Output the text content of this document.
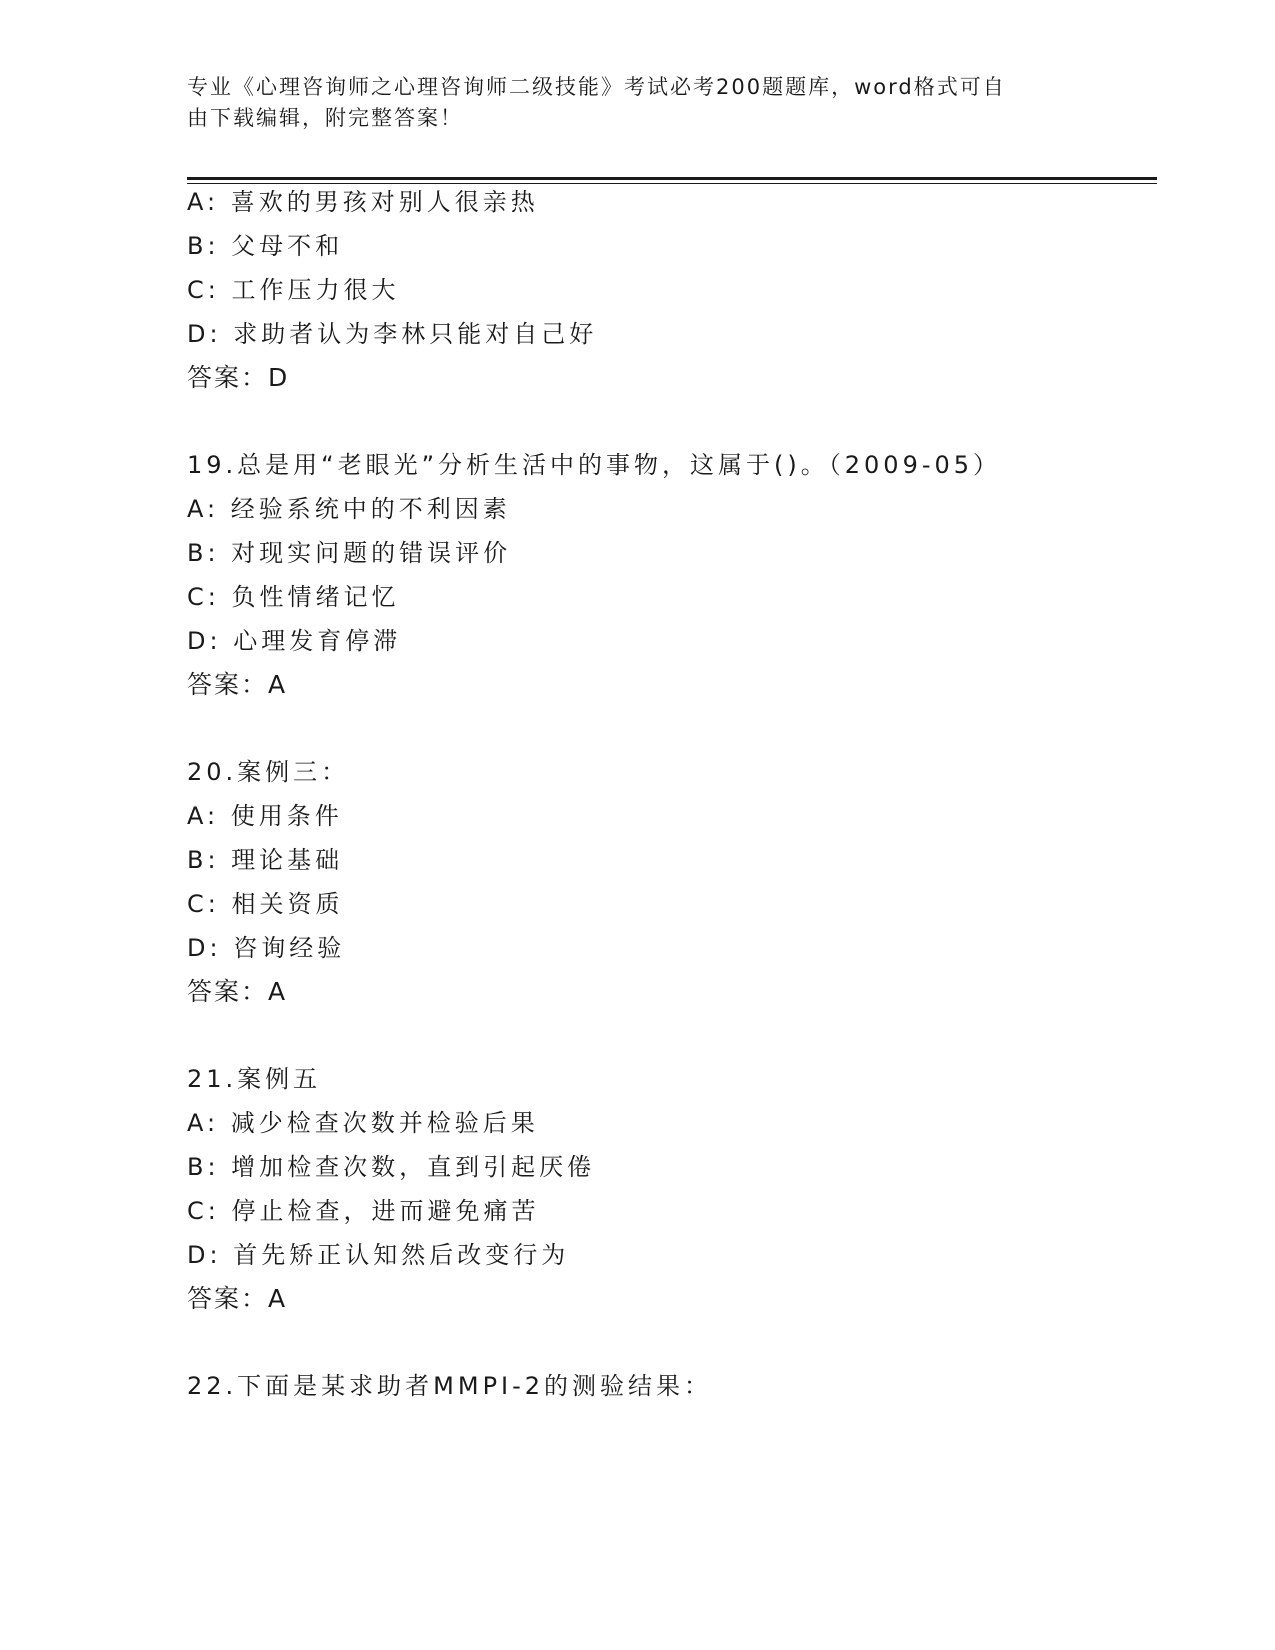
专业《心理咨询师之心理咨询师二级技能》考试必考200题题库，word格式可自

由下载编辑，附完整答案！

A: 喜欢的男孩对别人很亲热
B: 父母不和
C: 工作压力很大
D: 求助者认为李林只能对自己好
答案：D
19.总是用“老眼光”分析生活中的事物，这属于()。（2009-05）
A: 经验系统中的不利因素
B: 对现实问题的错误评价
C: 负性情绪记忆
D: 心理发育停滞
答案：A
20.案例三：
A: 使用条件
B: 理论基础
C: 相关资质
D: 咨询经验
答案：A
21.案例五
A: 减少检查次数并检验后果
B: 增加检查次数，直到引起厌倦
C: 停止检查，进而避免痛苦
D: 首先矫正认知然后改变行为
答案：A
22.下面是某求助者MMPI-2的测验结果：
